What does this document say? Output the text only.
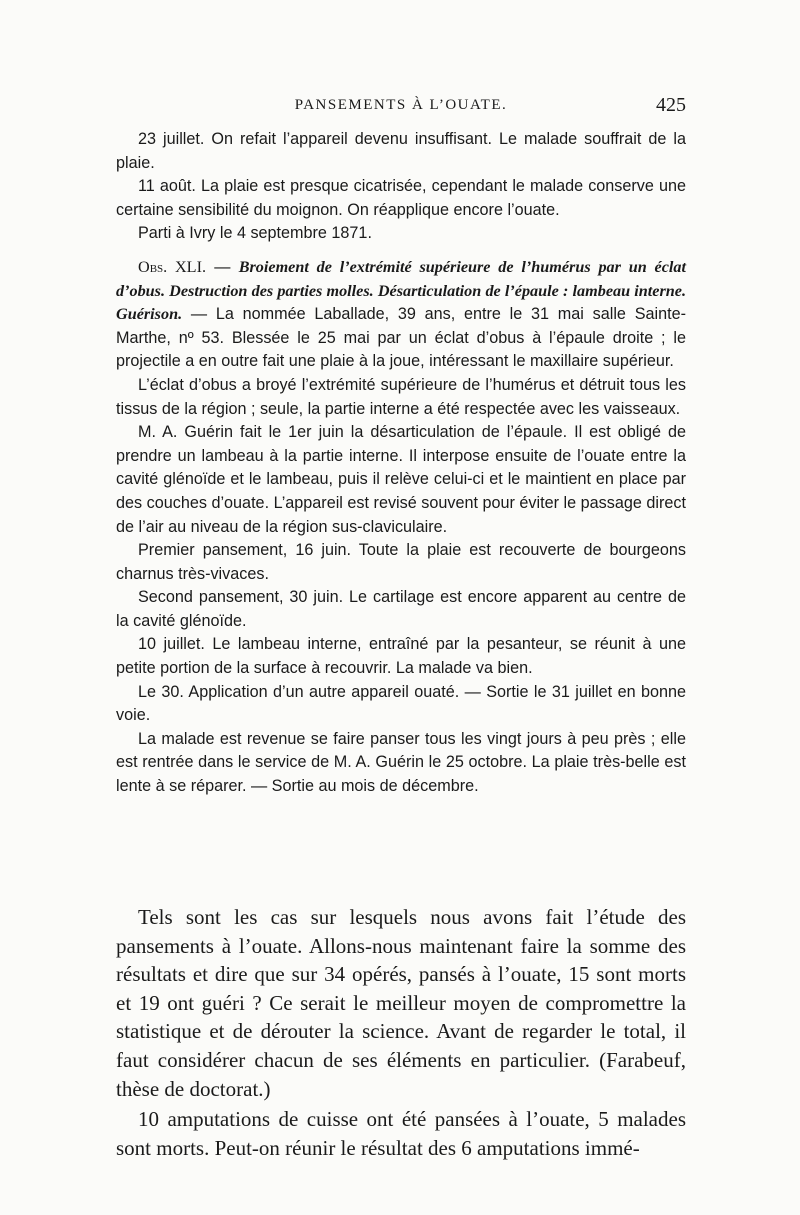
PANSEMENTS À L’OUATE.	425

23 juillet. On refait l’appareil devenu insuffisant. Le malade souffrait de la plaie.

11 août. La plaie est presque cicatrisée, cependant le malade conserve une certaine sensibilité du moignon. On réapplique encore l’ouate.

Parti à Ivry le 4 septembre 1871.

Obs. XLI. — Broiement de l’extrémité supérieure de l’humérus par un éclat d’obus. Destruction des parties molles. Désarticulation de l’épaule : lambeau interne. Guérison. — La nommée Laballade, 39 ans, entre le 31 mai salle Sainte-Marthe, nº 53. Blessée le 25 mai par un éclat d’obus à l’épaule droite ; le projectile a en outre fait une plaie à la joue, intéressant le maxillaire supérieur.

L’éclat d’obus a broyé l’extrémité supérieure de l’humérus et détruit tous les tissus de la région ; seule, la partie interne a été respectée avec les vaisseaux.

M. A. Guérin fait le 1er juin la désarticulation de l’épaule. Il est obligé de prendre un lambeau à la partie interne. Il interpose ensuite de l’ouate entre la cavité glénoïde et le lambeau, puis il relève celui-ci et le maintient en place par des couches d’ouate. L’appareil est revisé souvent pour éviter le passage direct de l’air au niveau de la région sus-claviculaire.

Premier pansement, 16 juin. Toute la plaie est recouverte de bourgeons charnus très-vivaces.

Second pansement, 30 juin. Le cartilage est encore apparent au centre de la cavité glénoïde.

10 juillet. Le lambeau interne, entraîné par la pesanteur, se réunit à une petite portion de la surface à recouvrir. La malade va bien.

Le 30. Application d’un autre appareil ouaté. — Sortie le 31 juillet en bonne voie.

La malade est revenue se faire panser tous les vingt jours à peu près ; elle est rentrée dans le service de M. A. Guérin le 25 octobre. La plaie très-belle est lente à se réparer. — Sortie au mois de décembre.

Tels sont les cas sur lesquels nous avons fait l’étude des pansements à l’ouate. Allons-nous maintenant faire la somme des résultats et dire que sur 34 opérés, pansés à l’ouate, 15 sont morts et 19 ont guéri ? Ce serait le meilleur moyen de compromettre la statistique et de dérouter la science. Avant de regarder le total, il faut considérer chacun de ses éléments en particulier. (Farabeuf, thèse de doctorat.)

10 amputations de cuisse ont été pansées à l’ouate, 5 malades sont morts. Peut-on réunir le résultat des 6 amputations immé-
